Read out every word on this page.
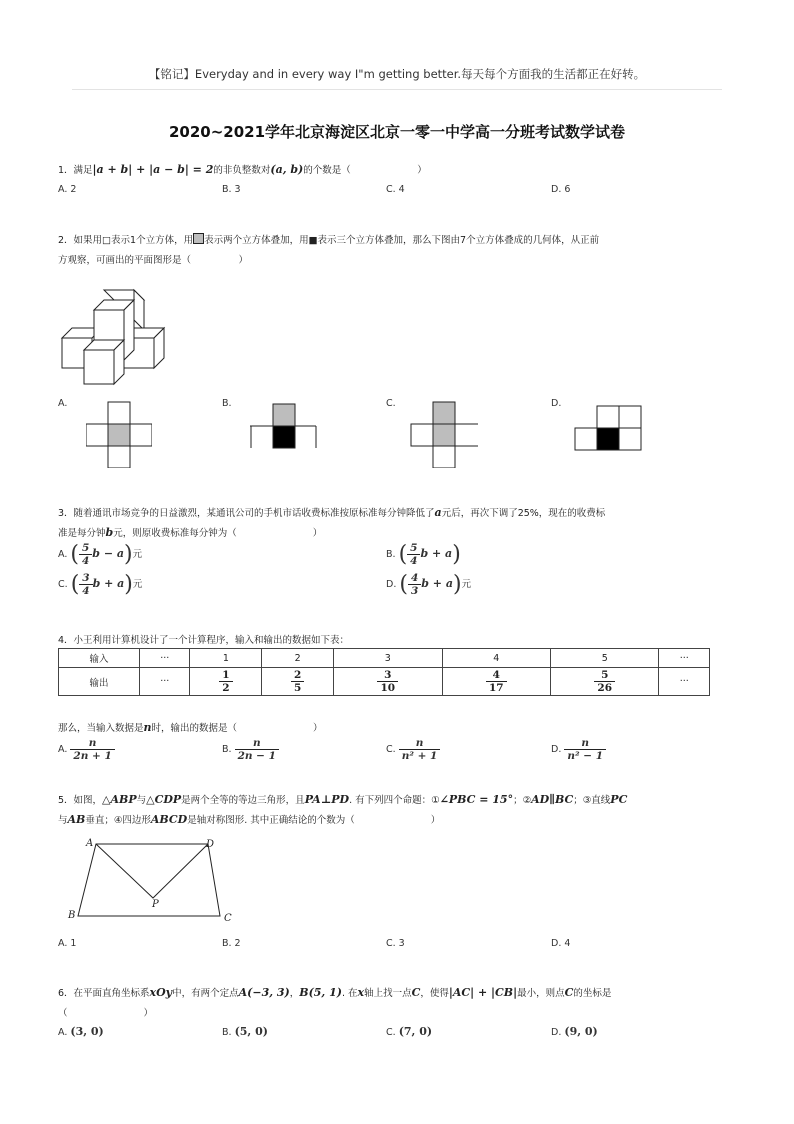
【铭记】Everyday and in every way I"m getting better.每天每个方面我的生活都正在好转。
2020~2021学年北京海淀区北京一零一中学高一分班考试数学试卷
1．满足|a + b| + |a − b| = 2的非负整数对(a, b)的个数是（　　　　　　　）
A. 2	B. 3	C. 4	D. 6
2．如果用□表示1个立方体，用 表示两个立方体叠加，用■表示三个立方体叠加，那么下图由7个立方体叠成的几何体，从正前
方观察，可画出的平面图形是（　　　　　）
A.	B.	C.	D.
3．随着通讯市场竞争的日益激烈，某通讯公司的手机市话收费标准按原标准每分钟降低了a元后，再次下调了25%，现在的收费标
准是每分钟b元，则原收费标准每分钟为（　　　　　　　　）
A. ( $\frac{5}{4}$ b − a)元	B. ( $\frac{5}{4}$ b + a)
C. ( $\frac{3}{4}$ b + a)元	D. ( $\frac{4}{3}$ b + a)元
4．小王利用计算机设计了一个计算程序，输入和输出的数据如下表：
输入	···	1	2	3	4	5	···
输出	···	$\frac{1}{2}$	$\frac{2}{5}$	$\frac{3}{10}$	$\frac{4}{17}$	$\frac{5}{26}$	···
那么，当输入数据是n时，输出的数据是（　　　　　　　　）
A. $\frac{n}{2n + 1}$	B. $\frac{n}{2n - 1}$	C. $\frac{n}{\text{n² + 1}}$	D. $\frac{n}{\text{n² − 1}}$
5．如图，△ABP与△CDP是两个全等的等边三角形，且PA⊥PD. 有下列四个命题：①∠PBC = 15°；②AD∥BC；③直线PC
与AB垂直；④四边形ABCD是轴对称图形. 其中正确结论的个数为（　　　　　　　　）
A	D
P
B	C
A. 1	B. 2	C. 3	D. 4
6．在平面直角坐标系xOy中，有两个定点A(−3, 3)，B(5, 1). 在x轴上找一点C，使得|AC| + |CB|最小，则点C的坐标是
（　　　　　　　　）
A. (3, 0)	B. (5, 0)	C. (7, 0)	D. (9, 0)
